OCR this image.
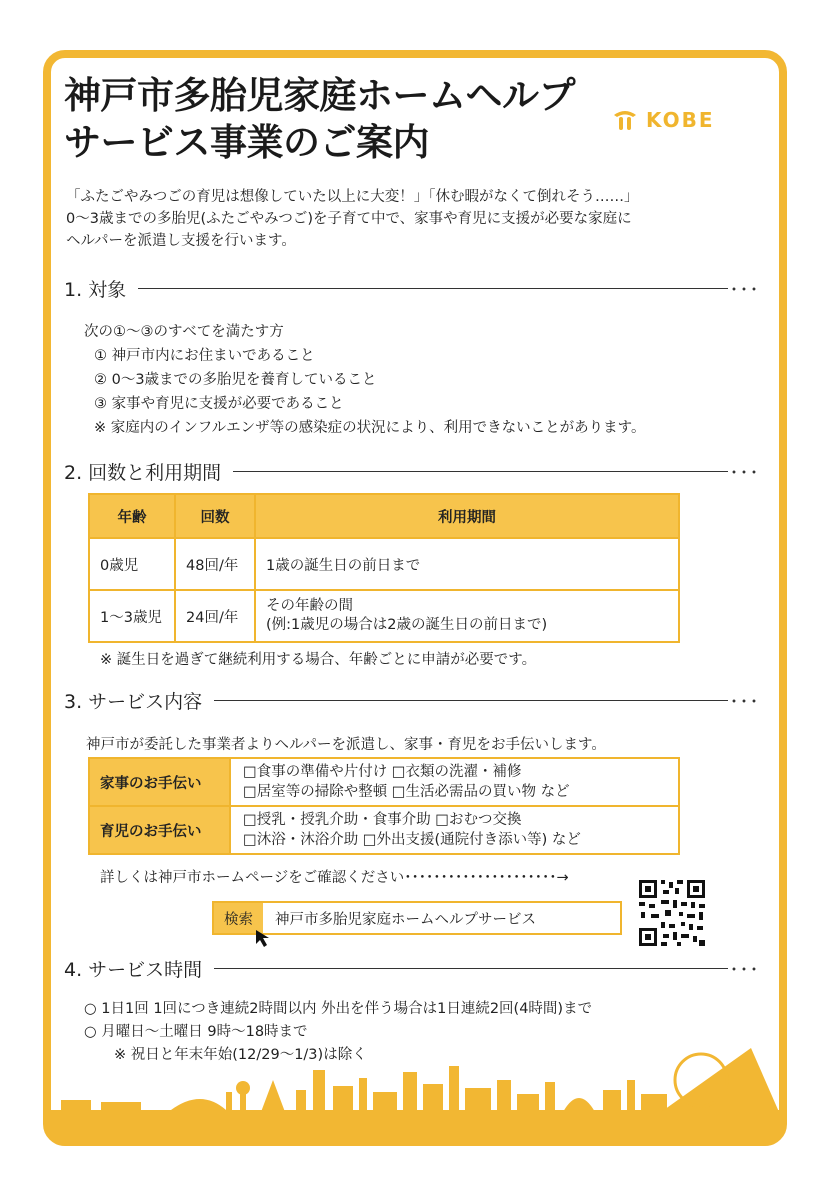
神戸市多胎児家庭ホームヘルプ
サービス事業のご案内
KOBE
「ふたごやみつごの育児は想像していた以上に大変！」「休む暇がなくて倒れそう……」
0～3歳までの多胎児(ふたごやみつご)を子育て中で、家事や育児に支援が必要な家庭に
ヘルパーを派遣し支援を行います。
1. 対象	･･･
次の①～③のすべてを満たす方
① 神戸市内にお住まいであること
② 0～3歳までの多胎児を養育していること
③ 家事や育児に支援が必要であること
※ 家庭内のインフルエンザ等の感染症の状況により、利用できないことがあります。
2. 回数と利用期間	･･･
年齢	回数	利用期間
0歳児	48回/年	1歳の誕生日の前日まで

1～3歳児	24回/年	その年齢の間
(例:1歳児の場合は2歳の誕生日の前日まで)
※ 誕生日を過ぎて継続利用する場合、年齢ごとに申請が必要です。
3. サービス内容	･･･
神戸市が委託した事業者よりヘルパーを派遣し、家事・育児をお手伝いします。
家事のお手伝い	□食事の準備や片付け □衣類の洗濯・補修
□居室等の掃除や整頓 □生活必需品の買い物 など

育児のお手伝い	□授乳・授乳介助・食事介助 □おむつ交換
□沐浴・沐浴介助 □外出支援(通院付き添い等) など
詳しくは神戸市ホームページをご確認ください･････････････････････→
検索	神戸市多胎児家庭ホームヘルプサービス
4. サービス時間	･･･
○ 1日1回 1回につき連続2時間以内 外出を伴う場合は1日連続2回(4時間)まで
○ 月曜日～土曜日 9時～18時まで
※ 祝日と年末年始(12/29～1/3)は除く
